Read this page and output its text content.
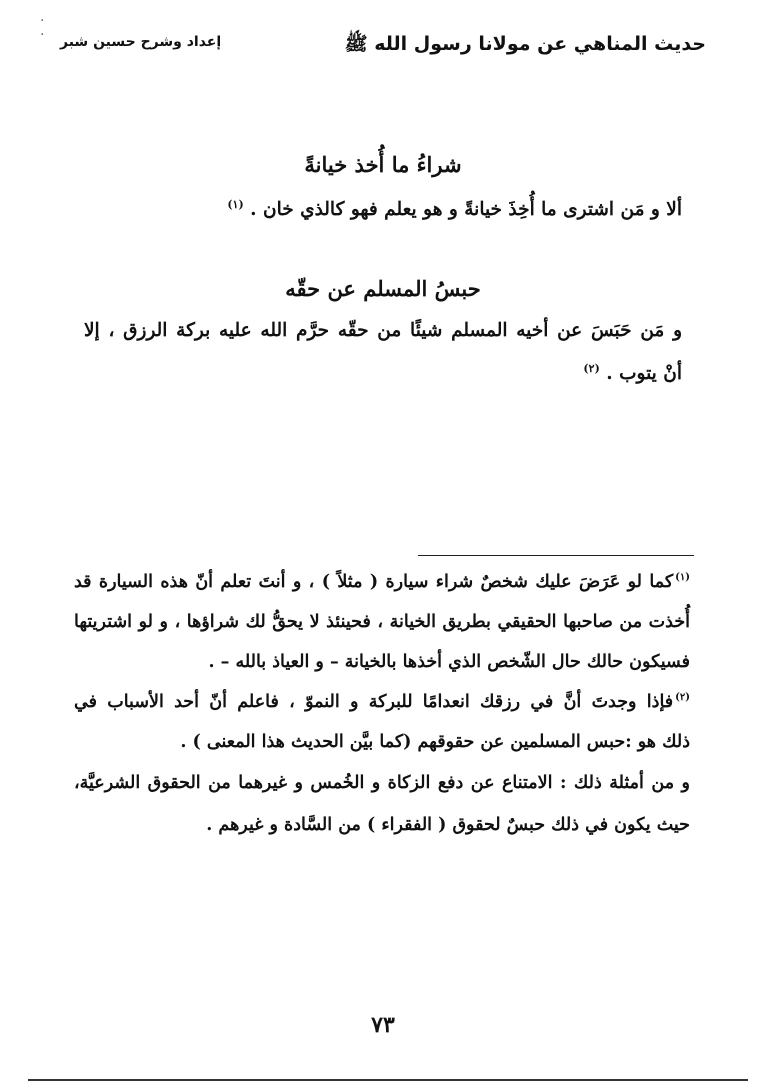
·
·	حديث المناهي عن مولانا رسول الله ﷺ
إعداد وشرح حسين شبر
شراءُ ما أُخذ خيانةً
ألا و مَن اشترى ما أُخِذَ خيانةً و هو يعلم فهو كالذي خان . $^{(١)}$
حبسُ المسلم عن حقّه
و مَن حَبَسَ عن أخيه المسلم شيئًا من حقّه حرَّم الله عليه بركة الرزق ، إلا
أنْ يتوب . $^{(٢)}$
$^{(١)}$كما لو عَرَضَ عليك شخصٌ شراء سيارة ( مثلاً ) ، و أنتَ تعلم أنّ هذه السيارة قد
أُخذت من صاحبها الحقيقي بطريق الخيانة ، فحينئذ لا يحقُّ لك شراؤها ، و لو اشتريتها
فسيكون حالك حال الشّخص الذي أخذها بالخيانة – و العياذ بالله – .
$^{(٢)}$فإذا وجدتَ أنَّ في رزقك انعدامًا للبركة و النموّ ، فاعلم أنّ أحد الأسباب في
ذلك هو :حبس المسلمين عن حقوقهم (كما بيَّن الحديث هذا المعنى ) .
و من أمثلة ذلك : الامتناع عن دفع الزكاة و الخُمس و غيرهما من الحقوق الشرعيَّة،
حيث يكون في ذلك حبسٌ لحقوق ( الفقراء ) من السَّادة و غيرهم .
٧٣
